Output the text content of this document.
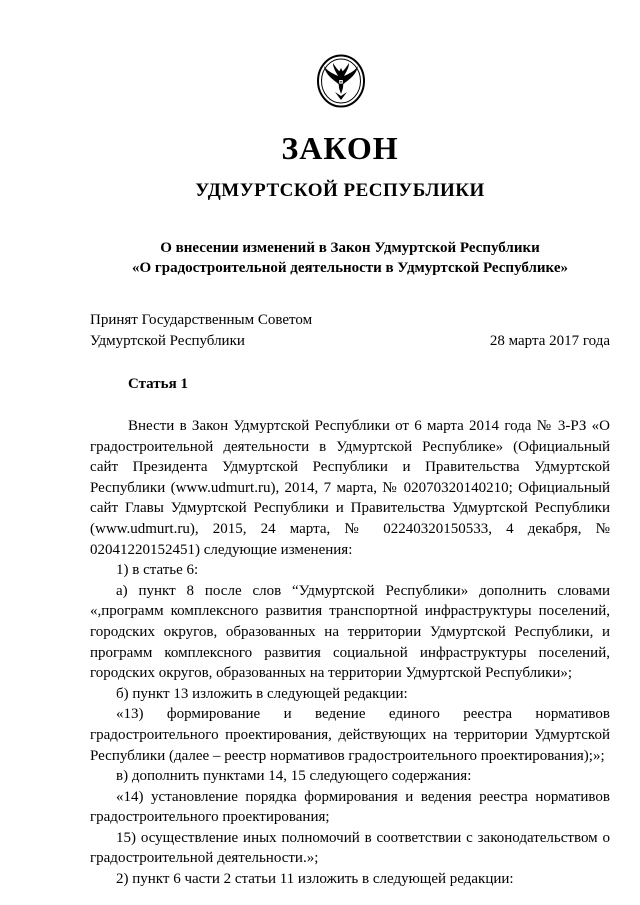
ЗАКОН
УДМУРТСКОЙ РЕСПУБЛИКИ
О внесении изменений в Закон Удмуртской Республики
«О градостроительной деятельности в Удмуртской Республике»
Принят Государственным Советом
Удмуртской Республики	28 марта 2017 года
Статья 1

Внести в Закон Удмуртской Республики от 6 марта 2014 года № 3-РЗ «О градостроительной деятельности в Удмуртской Республике» (Официальный сайт Президента Удмуртской Республики и Правительства Удмуртской Республики (www.udmurt.ru), 2014, 7 марта, № 02070320140210; Официальный сайт Главы Удмуртской Республики и Правительства Удмуртской Республики (www.udmurt.ru), 2015, 24 марта, № 02240320150533, 4 декабря, № 02041220152451) следующие изменения:

1) в статье 6:

а) пункт 8 после слов “Удмуртской Республики» дополнить словами «,программ комплексного развития транспортной инфраструктуры поселений, городских округов, образованных на территории Удмуртской Республики, и программ комплексного развития социальной инфраструктуры поселений, городских округов, образованных на территории Удмуртской Республики»;

б) пункт 13 изложить в следующей редакции:

«13) формирование и ведение единого реестра нормативов градостроительного проектирования, действующих на территории Удмуртской Республики (далее – реестр нормативов градостроительного проектирования);»;

в) дополнить пунктами 14, 15 следующего содержания:

«14) установление порядка формирования и ведения реестра нормативов градостроительного проектирования;

15) осуществление иных полномочий в соответствии с законодательством о градостроительной деятельности.»;

2) пункт 6 части 2 статьи 11 изложить в следующей редакции:
